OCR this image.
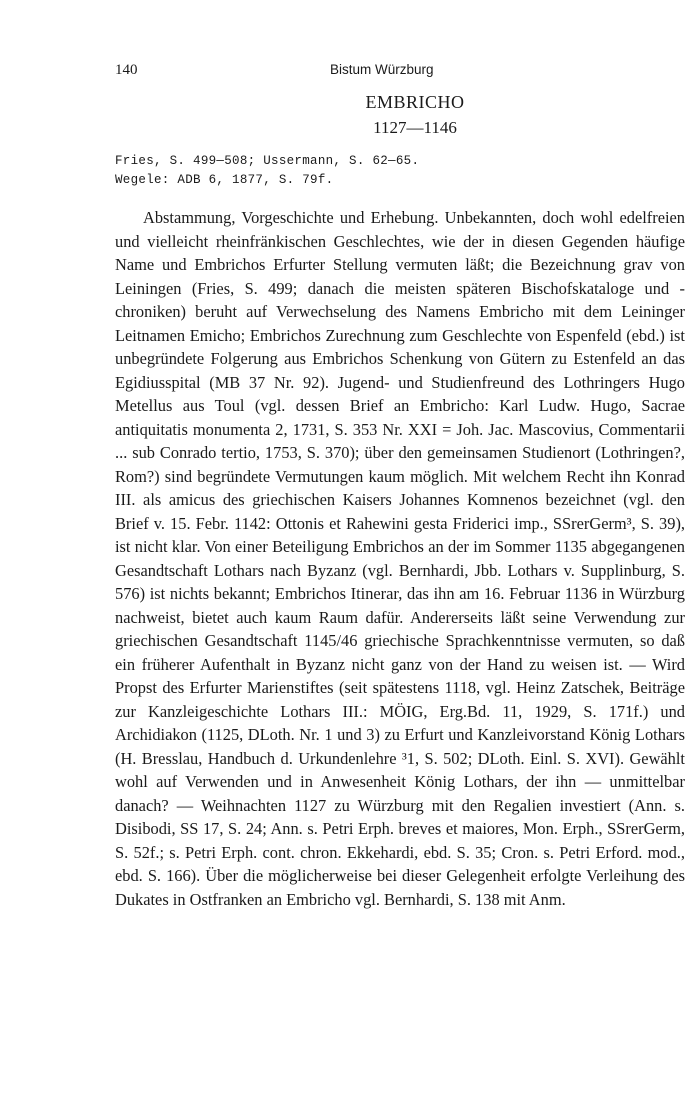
140	Bistum Würzburg
EMBRICHO
1127—1146
Fries, S. 499—508; Ussermann, S. 62—65.
Wegele: ADB 6, 1877, S. 79f.
Abstammung, Vorgeschichte und Erhebung. Unbekannten, doch wohl edelfreien und vielleicht rheinfränkischen Geschlechtes, wie der in diesen Gegenden häufige Name und Embrichos Erfurter Stellung vermuten läßt; die Bezeichnung grav von Leiningen (Fries, S. 499; danach die meisten späteren Bischofskataloge und -chroniken) beruht auf Verwechselung des Namens Embricho mit dem Leininger Leitnamen Emicho; Embrichos Zurechnung zum Geschlechte von Espenfeld (ebd.) ist unbegründete Folgerung aus Embrichos Schenkung von Gütern zu Estenfeld an das Egidiusspital (MB 37 Nr. 92). Jugend- und Studienfreund des Lothringers Hugo Metellus aus Toul (vgl. dessen Brief an Embricho: Karl Ludw. Hugo, Sacrae antiquitatis monumenta 2, 1731, S. 353 Nr. XXI = Joh. Jac. Mascovius, Commentarii ... sub Conrado tertio, 1753, S. 370); über den gemeinsamen Studienort (Lothringen?, Rom?) sind begründete Vermutungen kaum möglich. Mit welchem Recht ihn Konrad III. als amicus des griechischen Kaisers Johannes Komnenos bezeichnet (vgl. den Brief v. 15. Febr. 1142: Ottonis et Rahewini gesta Friderici imp., SSrerGerm³, S. 39), ist nicht klar. Von einer Beteiligung Embrichos an der im Sommer 1135 abgegangenen Gesandtschaft Lothars nach Byzanz (vgl. Bernhardi, Jbb. Lothars v. Supplinburg, S. 576) ist nichts bekannt; Embrichos Itinerar, das ihn am 16. Februar 1136 in Würzburg nachweist, bietet auch kaum Raum dafür. Andererseits läßt seine Verwendung zur griechischen Gesandtschaft 1145/46 griechische Sprachkenntnisse vermuten, so daß ein früherer Aufenthalt in Byzanz nicht ganz von der Hand zu weisen ist. — Wird Propst des Erfurter Marienstiftes (seit spätestens 1118, vgl. Heinz Zatschek, Beiträge zur Kanzleigeschichte Lothars III.: MÖIG, Erg.Bd. 11, 1929, S. 171f.) und Archidiakon (1125, DLoth. Nr. 1 und 3) zu Erfurt und Kanzleivorstand König Lothars (H. Bresslau, Handbuch d. Urkundenlehre ³1, S. 502; DLoth. Einl. S. XVI). Gewählt wohl auf Verwenden und in Anwesenheit König Lothars, der ihn — unmittelbar danach? — Weihnachten 1127 zu Würzburg mit den Regalien investiert (Ann. s. Disibodi, SS 17, S. 24; Ann. s. Petri Erph. breves et maiores, Mon. Erph., SSrerGerm, S. 52f.; s. Petri Erph. cont. chron. Ekkehardi, ebd. S. 35; Cron. s. Petri Erford. mod., ebd. S. 166). Über die möglicherweise bei dieser Gelegenheit erfolgte Verleihung des Dukates in Ostfranken an Embricho vgl. Bernhardi, S. 138 mit Anm.
